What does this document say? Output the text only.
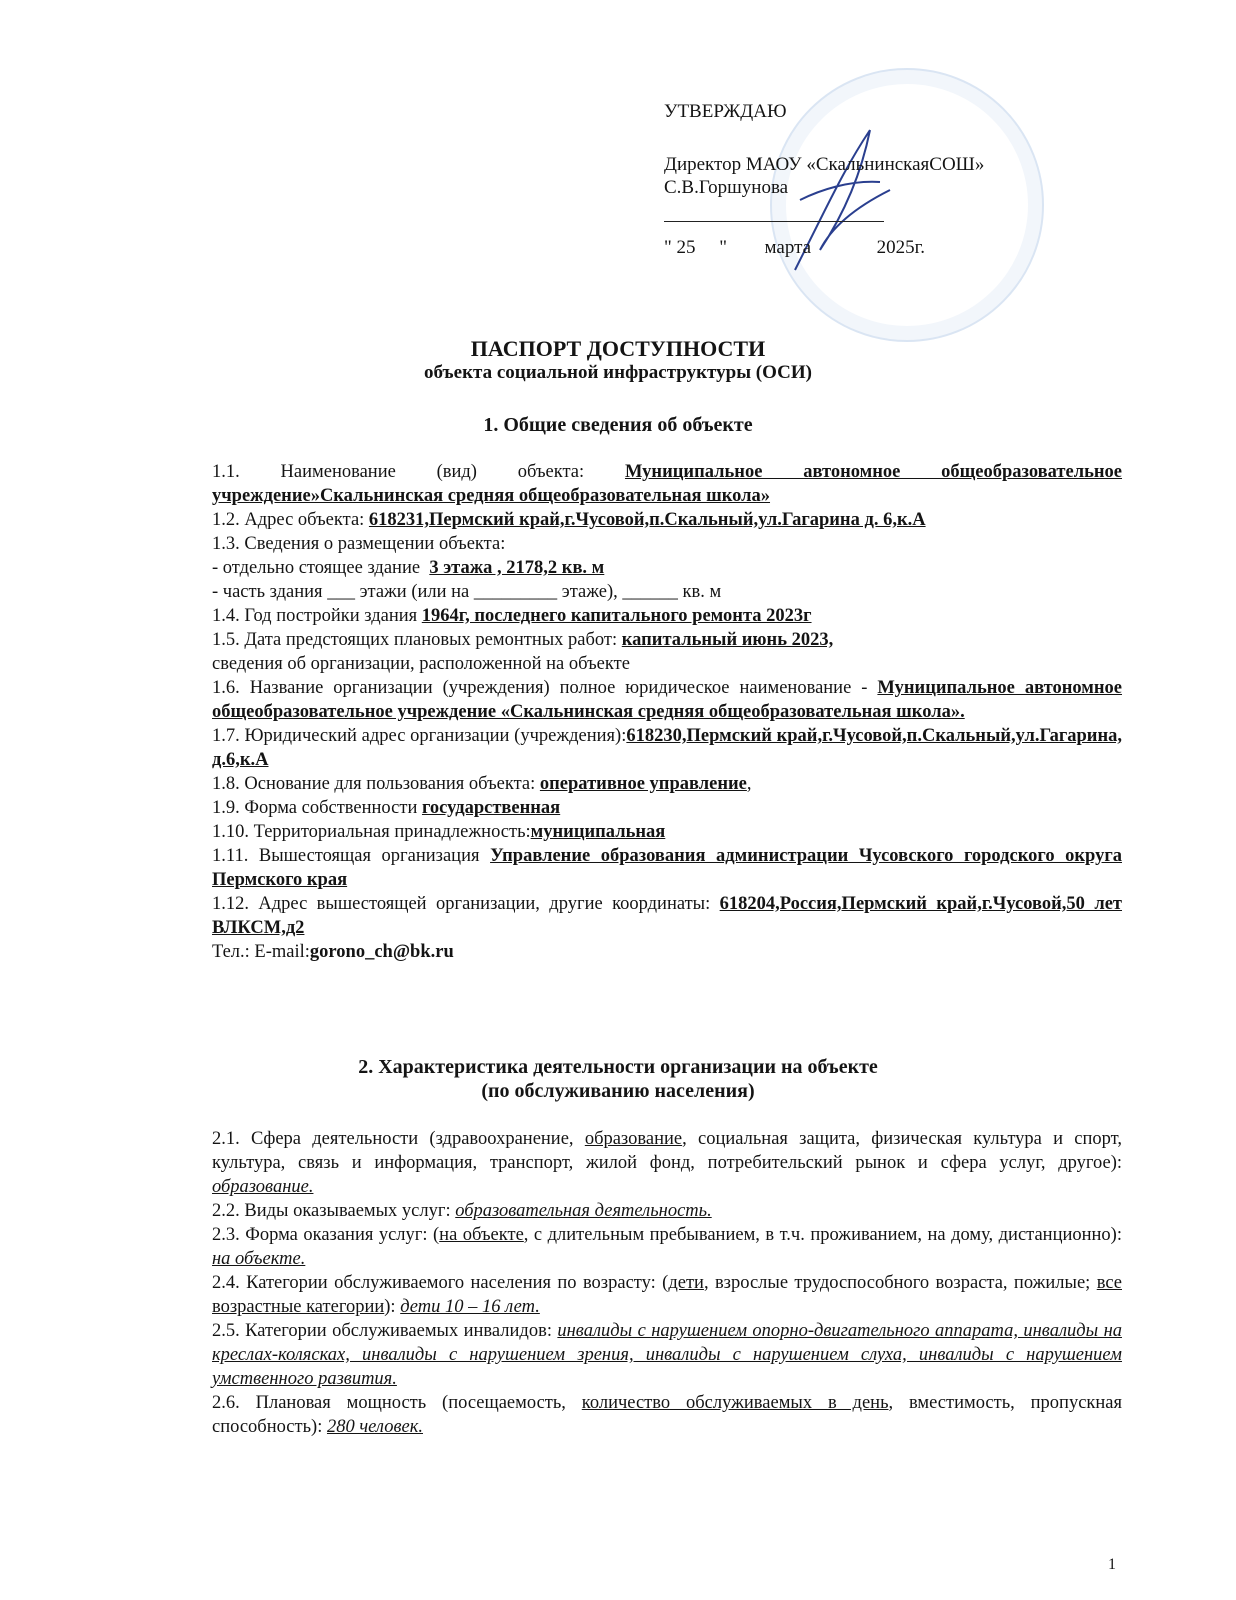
УТВЕРЖДАЮ
Директор МАОУ «СкальнинскаяСОШ»
С.В.Горшунова
" 25     " марта	2025г.
ПАСПОРТ ДОСТУПНОСТИ
объекта социальной инфраструктуры (ОСИ)
1. Общие сведения об объекте

1.1. Наименование (вид) объекта: Муниципальное автономное общеобразовательное учреждение»Скальнинская средняя общеобразовательная школа»

1.2. Адрес объекта: 618231,Пермский край,г.Чусовой,п.Скальный,ул.Гагарина д. 6,к.А

1.3. Сведения о размещении объекта:

- отдельно стоящее здание  3 этажа , 2178,2 кв. м

- часть здания ___ этажи (или на _________ этаже), ______ кв. м

1.4. Год постройки здания 1964г, последнего капитального ремонта 2023г

1.5. Дата предстоящих плановых ремонтных работ: капитальный июнь 2023,

сведения об организации, расположенной на объекте

1.6. Название организации (учреждения) полное юридическое наименование - Муниципальное автономное общеобразовательное учреждение «Скальнинская средняя общеобразовательная школа».

1.7. Юридический адрес организации (учреждения):618230,Пермский край,г.Чусовой,п.Скальный,ул.Гагарина, д.6,к.А

1.8. Основание для пользования объекта: оперативное управление,

1.9. Форма собственности государственная

1.10. Территориальная принадлежность:муниципальная

1.11. Вышестоящая организация Управление образования администрации Чусовского городского округа Пермского края

1.12. Адрес вышестоящей организации, другие координаты: 618204,Россия,Пермский край,г.Чусовой,50 лет ВЛКСМ,д2

Тел.: E-mail:gorono_ch@bk.ru

2. Характеристика деятельности организации на объекте
(по обслуживанию населения)

2.1. Сфера деятельности (здравоохранение, образование, социальная защита, физическая культура и спорт, культура, связь и информация, транспорт, жилой фонд, потребительский рынок и сфера услуг, другое): образование.

2.2. Виды оказываемых услуг: образовательная деятельность.

2.3. Форма оказания услуг: (на объекте, с длительным пребыванием, в т.ч. проживанием, на дому, дистанционно): на объекте.

2.4. Категории обслуживаемого населения по возрасту: (дети, взрослые трудоспособного возраста, пожилые; все возрастные категории): дети 10 – 16 лет.

2.5. Категории обслуживаемых инвалидов: инвалиды с нарушением опорно-двигательного аппарата, инвалиды на креслах-колясках, инвалиды с нарушением зрения, инвалиды с нарушением слуха, инвалиды с нарушением умственного развития.

2.6. Плановая мощность (посещаемость, количество обслуживаемых в день, вместимость, пропускная способность): 280 человек.

1
